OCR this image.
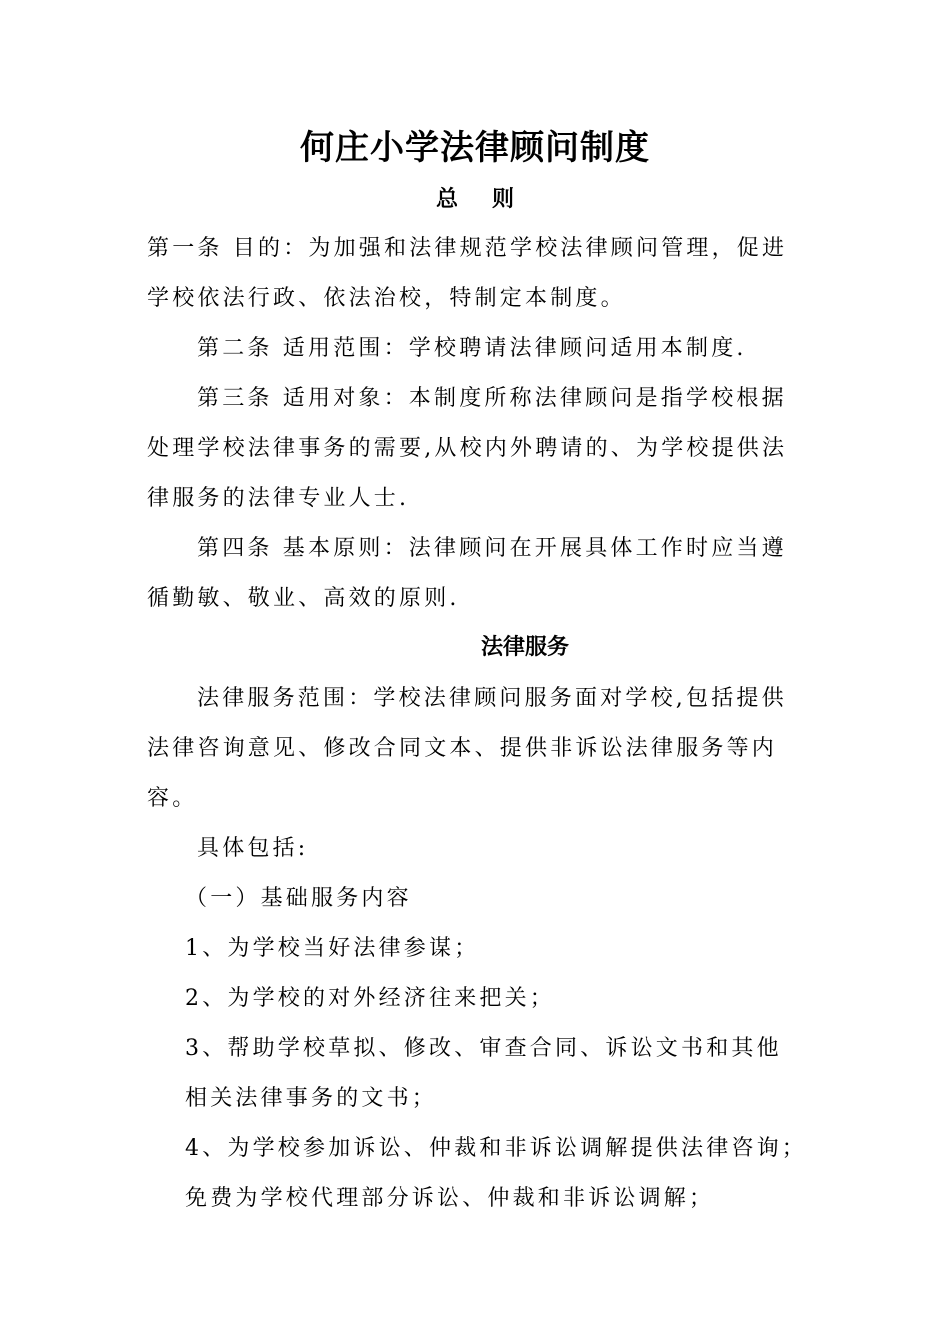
何庄小学法律顾问制度
总则
第一条 目的：为加强和法律规范学校法律顾问管理，促进
学校依法行政、依法治校，特制定本制度。
第二条 适用范围：学校聘请法律顾问适用本制度.
第三条 适用对象：本制度所称法律顾问是指学校根据
处理学校法律事务的需要,从校内外聘请的、为学校提供法
律服务的法律专业人士.
第四条 基本原则：法律顾问在开展具体工作时应当遵
循勤敏、敬业、高效的原则.
法律服务
法律服务范围：学校法律顾问服务面对学校,包括提供
法律咨询意见、修改合同文本、提供非诉讼法律服务等内
容。
具体包括:
（一）基础服务内容
1、为学校当好法律参谋；
2、为学校的对外经济往来把关；
3、帮助学校草拟、修改、审查合同、诉讼文书和其他
相关法律事务的文书；
4、为学校参加诉讼、仲裁和非诉讼调解提供法律咨询；
免费为学校代理部分诉讼、仲裁和非诉讼调解；
